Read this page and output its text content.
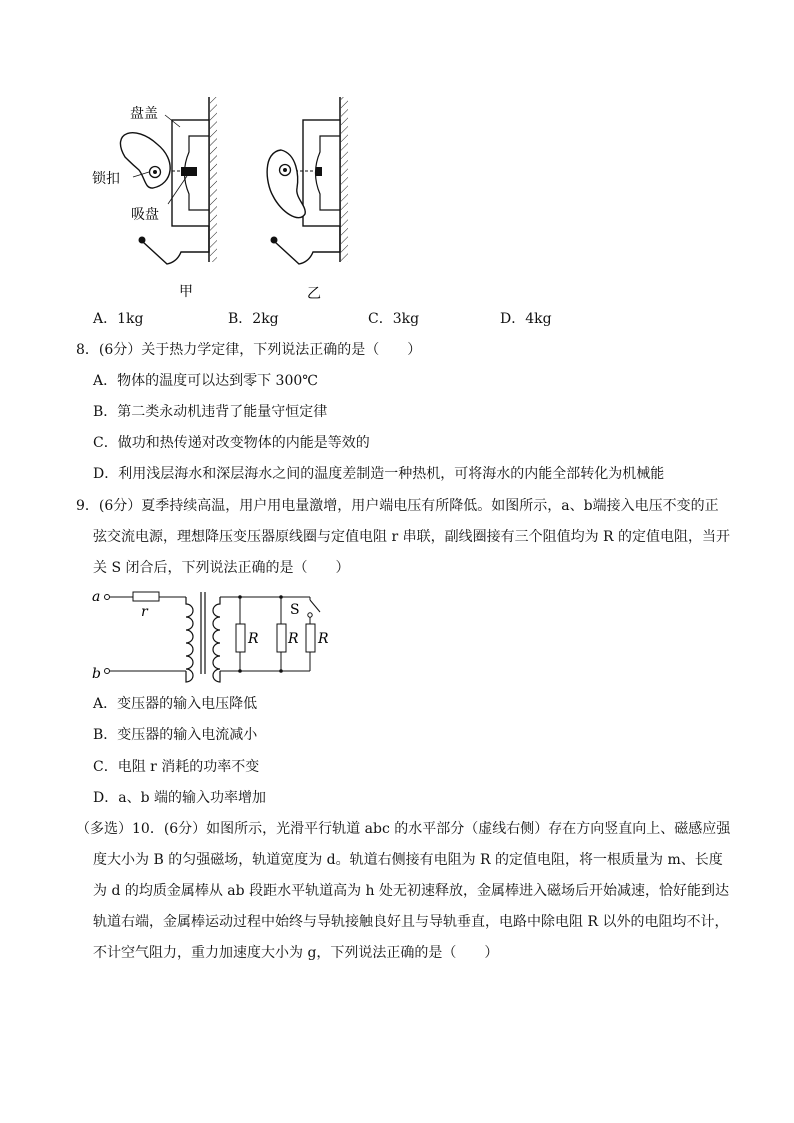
盘盖
锁扣
吸盘
甲	乙
A．1kg	B．2kg	C．3kg	D．4kg
8．(6分）关于热力学定律，下列说法正确的是（　　）
A．物体的温度可以达到零下 300℃
B．第二类永动机违背了能量守恒定律
C．做功和热传递对改变物体的内能是等效的
D．利用浅层海水和深层海水之间的温度差制造一种热机，可将海水的内能全部转化为机械能
9．(6分）夏季持续高温，用户用电量激增，用户端电压有所降低。如图所示，a、b端接入电压不变的正
弦交流电源，理想降压变压器原线圈与定值电阻 r 串联，副线圈接有三个阻值均为 R 的定值电阻，当开
关 S 闭合后，下列说法正确的是（　　）
a
r
b
R R
S
R
A．变压器的输入电压降低
B．变压器的输入电流减小
C．电阻 r 消耗的功率不变
D．a、b 端的输入功率增加
（多选）10．(6分）如图所示，光滑平行轨道 abc 的水平部分（虚线右侧）存在方向竖直向上、磁感应强
度大小为 B 的匀强磁场，轨道宽度为 d。轨道右侧接有电阻为 R 的定值电阻，将一根质量为 m、长度
为 d 的均质金属棒从 ab 段距水平轨道高为 h 处无初速释放，金属棒进入磁场后开始减速，恰好能到达
轨道右端，金属棒运动过程中始终与导轨接触良好且与导轨垂直，电路中除电阻 R 以外的电阻均不计，
不计空气阻力，重力加速度大小为 g，下列说法正确的是（　　）
